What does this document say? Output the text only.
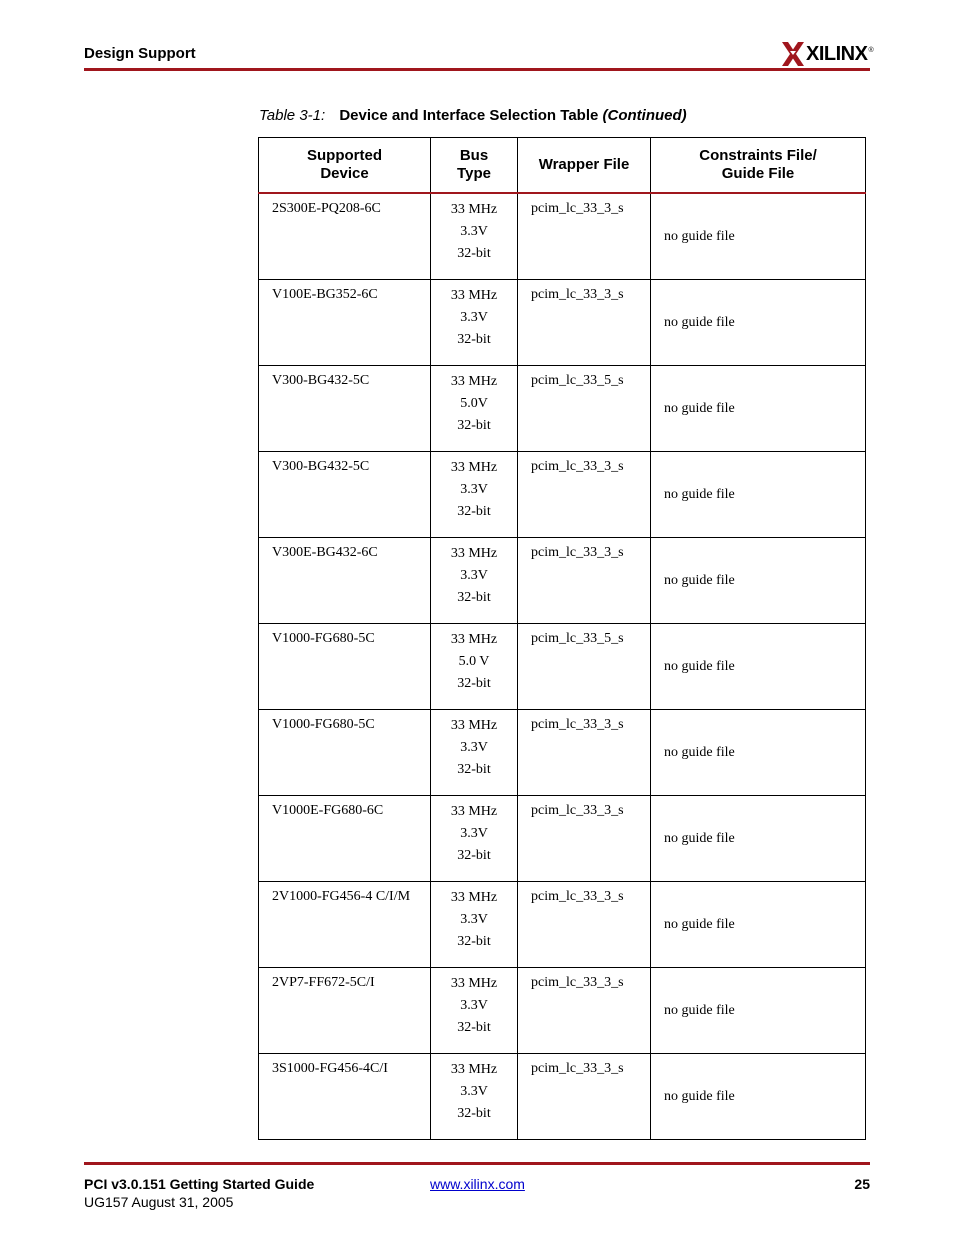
Design Support	XILINX ®
Table 3-1: Device and Interface Selection Table (Continued)
Supported
Device	Bus
Type	Wrapper File	Constraints File/
Guide File
2S300E-PQ208-6C	33 MHz
3.3V
32-bit	pcim_lc_33_3_s	no guide file
V100E-BG352-6C	33 MHz
3.3V
32-bit	pcim_lc_33_3_s	no guide file
V300-BG432-5C	33 MHz
5.0V
32-bit	pcim_lc_33_5_s	no guide file
V300-BG432-5C	33 MHz
3.3V
32-bit	pcim_lc_33_3_s	no guide file
V300E-BG432-6C	33 MHz
3.3V
32-bit	pcim_lc_33_3_s	no guide file
V1000-FG680-5C	33 MHz
5.0 V
32-bit	pcim_lc_33_5_s	no guide file
V1000-FG680-5C	33 MHz
3.3V
32-bit	pcim_lc_33_3_s	no guide file
V1000E-FG680-6C	33 MHz
3.3V
32-bit	pcim_lc_33_3_s	no guide file
2V1000-FG456-4 C/I/M	33 MHz
3.3V
32-bit	pcim_lc_33_3_s	no guide file
2VP7-FF672-5C/I	33 MHz
3.3V
32-bit	pcim_lc_33_3_s	no guide file
3S1000-FG456-4C/I	33 MHz
3.3V
32-bit	pcim_lc_33_3_s	no guide file
PCI v3.0.151 Getting Started Guide
UG157 August 31, 2005
www.xilinx.com	25
